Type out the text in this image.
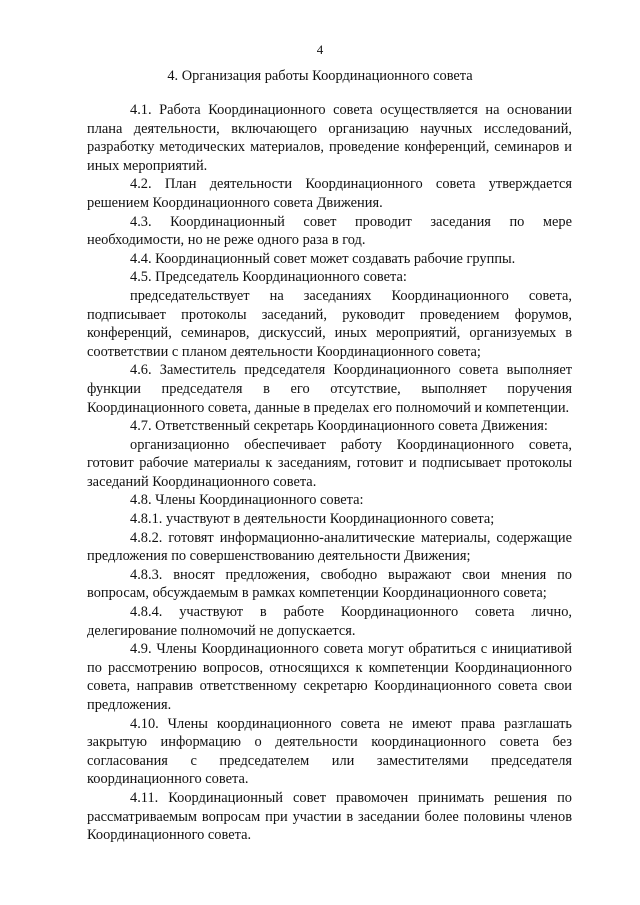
4
4. Организация работы Координационного совета

4.1. Работа Координационного совета осуществляется на основании плана деятельности, включающего организацию научных исследований, разработку методических материалов, проведение конференций, семинаров и иных мероприятий.

4.2. План деятельности Координационного совета утверждается решением Координационного совета Движения.

4.3. Координационный совет проводит заседания по мере необходимости, но не реже одного раза в год.

4.4. Координационный совет может создавать рабочие группы.

4.5. Председатель Координационного совета:

председательствует на заседаниях Координационного совета, подписывает протоколы заседаний, руководит проведением форумов, конференций, семинаров, дискуссий, иных мероприятий, организуемых в соответствии с планом деятельности Координационного совета;

4.6. Заместитель председателя Координационного совета выполняет функции председателя в его отсутствие, выполняет поручения Координационного совета, данные в пределах его полномочий и компетенции.

4.7. Ответственный секретарь Координационного совета Движения:

организационно обеспечивает работу Координационного совета, готовит рабочие материалы к заседаниям, готовит и подписывает протоколы заседаний Координационного совета.

4.8. Члены Координационного совета:

4.8.1. участвуют в деятельности Координационного совета;

4.8.2. готовят информационно-аналитические материалы, содержащие предложения по совершенствованию деятельности Движения;

4.8.3. вносят предложения, свободно выражают свои мнения по вопросам, обсуждаемым в рамках компетенции Координационного совета;

4.8.4. участвуют в работе Координационного совета лично, делегирование полномочий не допускается.

4.9. Члены Координационного совета могут обратиться с инициативой по рассмотрению вопросов, относящихся к компетенции Координационного совета, направив ответственному секретарю Координационного совета свои предложения.

4.10. Члены координационного совета не имеют права разглашать закрытую информацию о деятельности координационного совета без согласования с председателем или заместителями председателя координационного совета.

4.11. Координационный совет правомочен принимать решения по рассматриваемым вопросам при участии в заседании более половины членов Координационного совета.
